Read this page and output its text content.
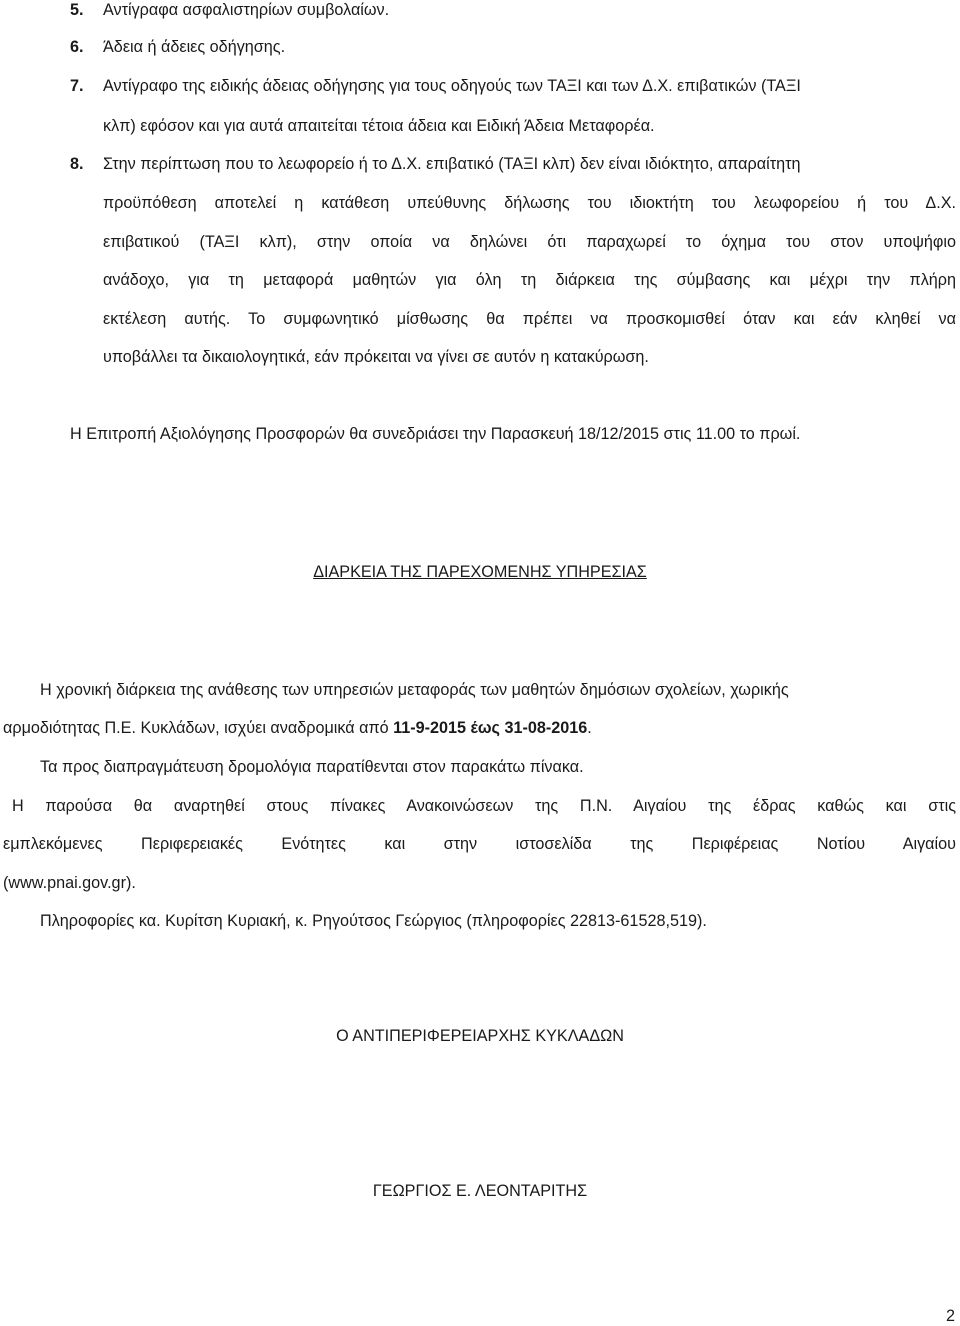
5. Αντίγραφα ασφαλιστηρίων συμβολαίων.
6. Άδεια ή άδειες οδήγησης.
7. Αντίγραφο της ειδικής άδειας οδήγησης για τους οδηγούς των ΤΑΞΙ και των Δ.Χ. επιβατικών (ΤΑΞΙ
κλπ) εφόσον και για αυτά απαιτείται τέτοια άδεια και Ειδική Άδεια Μεταφορέα.
8. Στην περίπτωση που το λεωφορείο ή το Δ.Χ. επιβατικό (ΤΑΞΙ κλπ) δεν είναι ιδιόκτητο, απαραίτητη
προϋπόθεση αποτελεί η κατάθεση υπεύθυνης δήλωσης του ιδιοκτήτη του λεωφορείου ή του Δ.Χ.
επιβατικού (ΤΑΞΙ κλπ), στην οποία να δηλώνει ότι παραχωρεί το όχημα του στον υποψήφιο
ανάδοχο, για τη μεταφορά μαθητών για όλη τη διάρκεια της σύμβασης και μέχρι την πλήρη
εκτέλεση αυτής. Το συμφωνητικό μίσθωσης θα πρέπει να προσκομισθεί όταν και εάν κληθεί να
υποβάλλει τα δικαιολογητικά, εάν πρόκειται να γίνει σε αυτόν η κατακύρωση.
Η Επιτροπή Αξιολόγησης Προσφορών θα συνεδριάσει την Παρασκευή 18/12/2015 στις 11.00 το πρωί.
ΔΙΑΡΚΕΙΑ ΤΗΣ ΠΑΡΕΧΟΜΕΝΗΣ ΥΠΗΡΕΣΙΑΣ
Η χρονική διάρκεια της ανάθεσης των υπηρεσιών μεταφοράς των μαθητών δημόσιων σχολείων, χωρικής
αρμοδιότητας Π.Ε. Κυκλάδων, ισχύει αναδρομικά από 11-9-2015 έως 31-08-2016.
Τα προς διαπραγμάτευση δρομολόγια παρατίθενται στον παρακάτω πίνακα.
Η παρούσα θα αναρτηθεί στους πίνακες Ανακοινώσεων της Π.Ν. Αιγαίου της έδρας καθώς και στις
εμπλεκόμενες Περιφερειακές Ενότητες και στην ιστοσελίδα της Περιφέρειας Νοτίου Αιγαίου
(www.pnai.gov.gr).
Πληροφορίες κα. Κυρίτση Κυριακή, κ. Ρηγούτσος Γεώργιος (πληροφορίες 22813-61528,519).
Ο ΑΝΤΙΠΕΡΙΦΕΡΕΙΑΡΧΗΣ ΚΥΚΛΑΔΩΝ
ΓΕΩΡΓΙΟΣ Ε. ΛΕΟΝΤΑΡΙΤΗΣ
2
